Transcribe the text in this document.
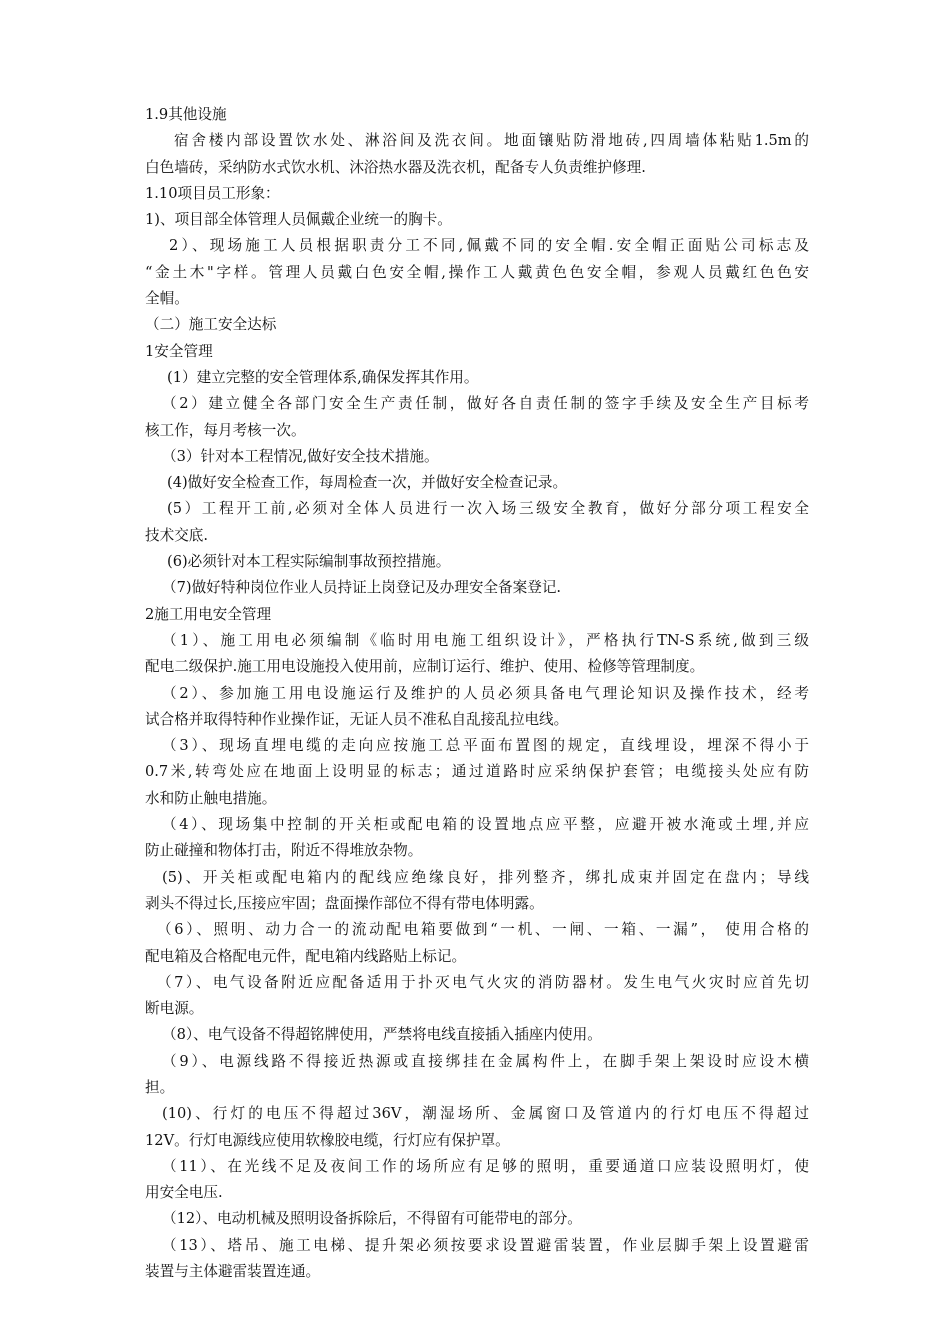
1.9其他设施

宿舍楼内部设置饮水处、淋浴间及洗衣间。地面镶贴防滑地砖,四周墙体粘贴1.5m的

白色墙砖，采纳防水式饮水机、沐浴热水器及洗衣机，配备专人负责维护修理.

1.10项目员工形象：

1)、项目部全体管理人员佩戴企业统一的胸卡。

2）、现场施工人员根据职责分工不同,佩戴不同的安全帽.安全帽正面贴公司标志及

“金土木"字样。管理人员戴白色安全帽,操作工人戴黄色色安全帽，参观人员戴红色色安

全帽。

（二）施工安全达标

1安全管理

(1）建立完整的安全管理体系,确保发挥其作用。

（2）建立健全各部门安全生产责任制，做好各自责任制的签字手续及安全生产目标考

核工作，每月考核一次。

（3）针对本工程情况,做好安全技术措施。

(4)做好安全检查工作，每周检查一次，并做好安全检查记录。

(5）工程开工前,必须对全体人员进行一次入场三级安全教育，做好分部分项工程安全

技术交底.

(6)必须针对本工程实际编制事故预控措施。

（7)做好特种岗位作业人员持证上岗登记及办理安全备案登记.

2施工用电安全管理

（1）、施工用电必须编制《临时用电施工组织设计》，严格执行TN-S系统,做到三级

配电二级保护.施工用电设施投入使用前，应制订运行、维护、使用、检修等管理制度。

（2）、参加施工用电设施运行及维护的人员必须具备电气理论知识及操作技术，经考

试合格并取得特种作业操作证，无证人员不准私自乱接乱拉电线。

（3）、现场直埋电缆的走向应按施工总平面布置图的规定，直线埋设，埋深不得小于

0.7米,转弯处应在地面上设明显的标志；通过道路时应采纳保护套管；电缆接头处应有防

水和防止触电措施。

（4）、现场集中控制的开关柜或配电箱的设置地点应平整，应避开被水淹或土埋,并应

防止碰撞和物体打击，附近不得堆放杂物。

(5)、开关柜或配电箱内的配线应绝缘良好，排列整齐，绑扎成束并固定在盘内；导线

剥头不得过长,压接应牢固；盘面操作部位不得有带电体明露。

（6）、照明、动力合一的流动配电箱要做到“一机、一闸、一箱、一漏”， 使用合格的

配电箱及合格配电元件，配电箱内线路贴上标记。

（7）、电气设备附近应配备适用于扑灭电气火灾的消防器材。发生电气火灾时应首先切

断电源。

（8）、电气设备不得超铭牌使用，严禁将电线直接插入插座内使用。

（9）、电源线路不得接近热源或直接绑挂在金属构件上，在脚手架上架设时应设木横

担。

(10)、行灯的电压不得超过36V，潮湿场所、金属窗口及管道内的行灯电压不得超过

12V。行灯电源线应使用软橡胶电缆，行灯应有保护罩。

（11）、在光线不足及夜间工作的场所应有足够的照明，重要通道口应装设照明灯，使

用安全电压.

（12）、电动机械及照明设备拆除后，不得留有可能带电的部分。

（13）、塔吊、施工电梯、提升架必须按要求设置避雷装置，作业层脚手架上设置避雷

装置与主体避雷装置连通。
